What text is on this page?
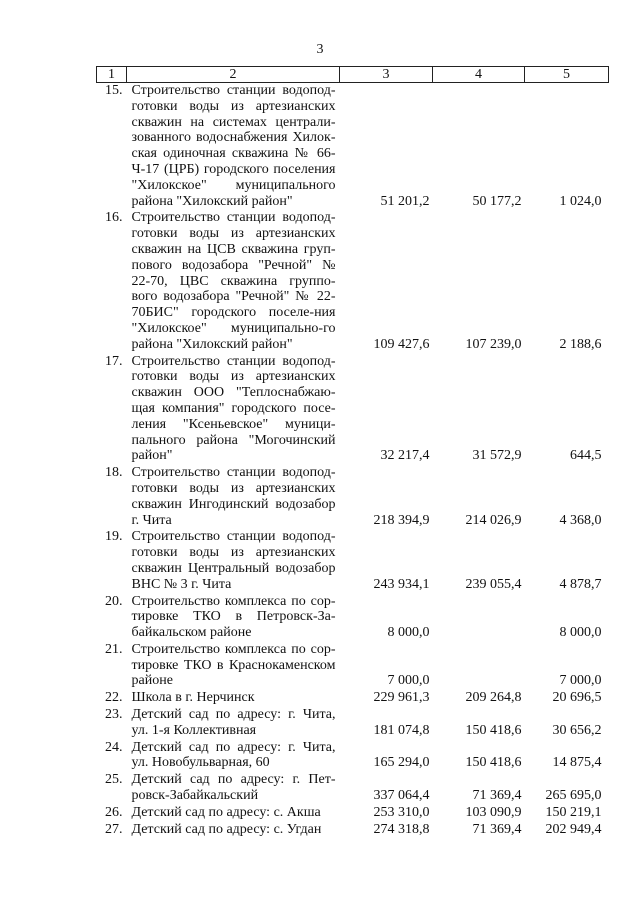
3
1	2	3	4	5
15.	Строительство станции водопод-готовки воды из артезианских скважин на системах централи-зованного водоснабжения Хилок-ская одиночная скважина № 66-Ч-17 (ЦРБ) городского поселения "Хилокское" муниципального района "Хилокский район"	51 201,2	50 177,2	1 024,0
16.	Строительство станции водопод-готовки воды из артезианских скважин на ЦСВ скважина груп-пового водозабора "Речной" № 22-70, ЦВС скважина группо-вого водозабора "Речной" № 22-70БИС" городского поселе-ния "Хилокское" муниципально-го района "Хилокский район"	109 427,6	107 239,0	2 188,6
17.	Строительство станции водопод-готовки воды из артезианских скважин ООО "Теплоснабжаю-щая компания" городского посе-ления "Ксеньевское" муници-пального района "Могочинский район"	32 217,4	31 572,9	644,5
18.	Строительство станции водопод-готовки воды из артезианских скважин Ингодинский водозабор г. Чита	218 394,9	214 026,9	4 368,0
19.	Строительство станции водопод-готовки воды из артезианских скважин Центральный водозабор ВНС № 3 г. Чита	243 934,1	239 055,4	4 878,7
20.	Строительство комплекса по сор-тировке ТКО в Петровск-За-байкальском районе	8 000,0		8 000,0
21.	Строительство комплекса по сор-тировке ТКО в Краснокаменском районе	7 000,0		7 000,0
22.	Школа в г. Нерчинск	229 961,3	209 264,8	20 696,5
23.	Детский сад по адресу: г. Чита, ул. 1-я Коллективная	181 074,8	150 418,6	30 656,2
24.	Детский сад по адресу: г. Чита, ул. Новобульварная, 60	165 294,0	150 418,6	14 875,4
25.	Детский сад по адресу: г. Пет-ровск-Забайкальский	337 064,4	71 369,4	265 695,0
26.	Детский сад по адресу: с. Акша	253 310,0	103 090,9	150 219,1
27.	Детский сад по адресу: с. Угдан	274 318,8	71 369,4	202 949,4
